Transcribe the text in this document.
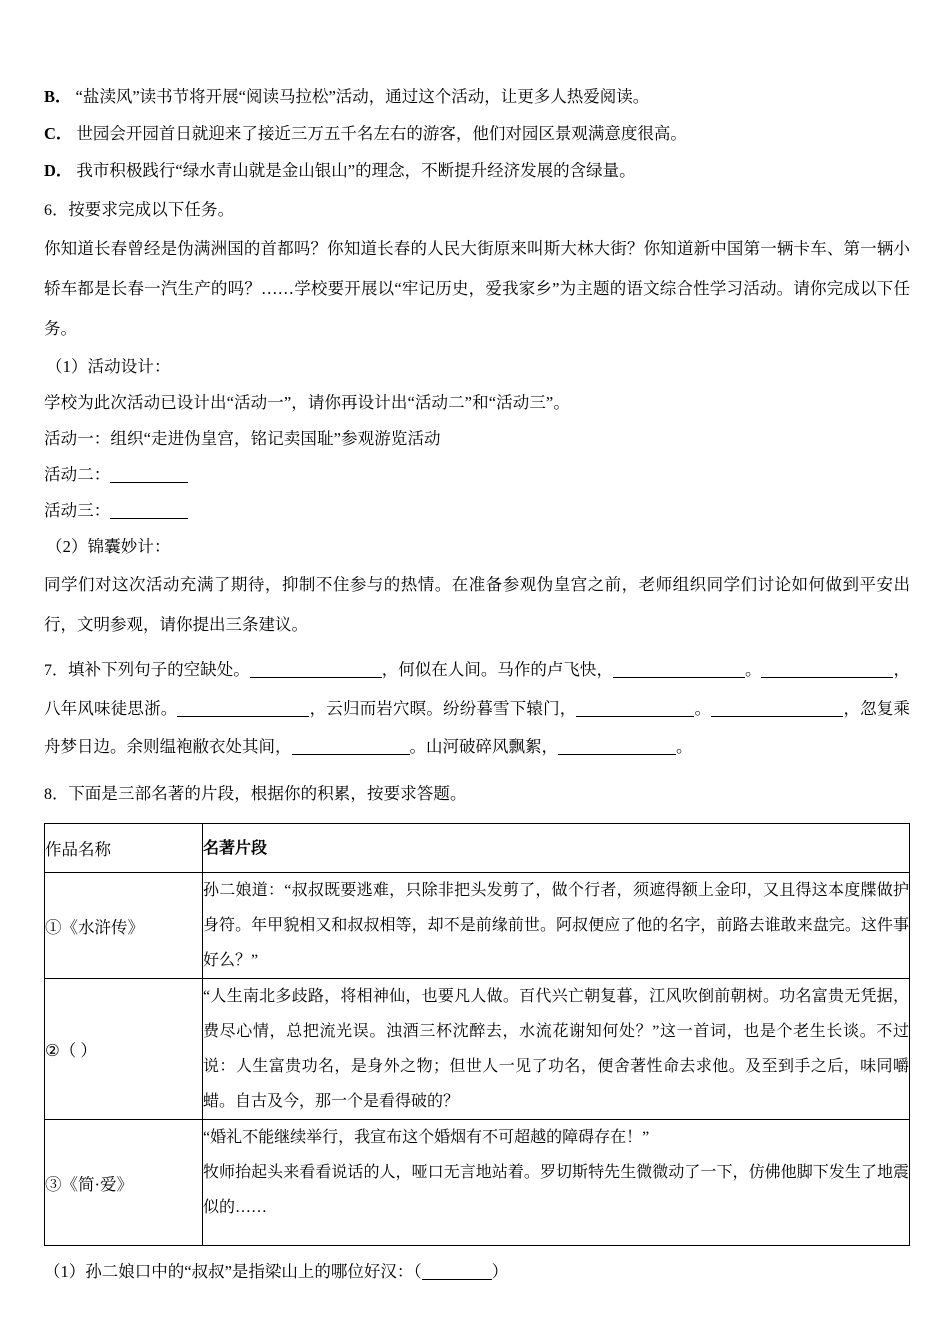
B． “盐渎风”读书节将开展“阅读马拉松”活动，通过这个活动，让更多人热爱阅读。
C． 世园会开园首日就迎来了接近三万五千名左右的游客，他们对园区景观满意度很高。
D． 我市积极践行“绿水青山就是金山银山”的理念，不断提升经济发展的含绿量。
6．按要求完成以下任务。
你知道长春曾经是伪满洲国的首都吗？你知道长春的人民大街原来叫斯大林大街？你知道新中国第一辆卡车、第一辆小轿车都是长春一汽生产的吗？……学校要开展以“牢记历史，爱我家乡”为主题的语文综合性学习活动。请你完成以下任务。
（1）活动设计：
学校为此次活动已设计出“活动一”，请你再设计出“活动二”和“活动三”。
活动一：组织“走进伪皇宫，铭记卖国耻”参观游览活动
活动二：
活动三：
（2）锦囊妙计：
同学们对这次活动充满了期待，抑制不住参与的热情。在准备参观伪皇宫之前，老师组织同学们讨论如何做到平安出行，文明参观，请你提出三条建议。
7．填补下列句子的空缺处。	，何似在人间。马作的卢飞快，	。	，八年风味徒思浙。	，云归而岩穴暝。纷纷暮雪下辕门，	。	，忽复乘舟梦日边。余则缊袍敝衣处其间，	。山河破碎风飘絮，	。
8．下面是三部名著的片段，根据你的积累，按要求答题。
作品名称	名著片段
①《水浒传》	孙二娘道：“叔叔既要逃难，只除非把头发剪了，做个行者，须遮得额上金印，又且得这本度牒做护身符。年甲貌相又和叔叔相等，却不是前缘前世。阿叔便应了他的名字，前路去谁敢来盘完。这件事好么？”
②（ ）	“人生南北多歧路，将相神仙，也要凡人做。百代兴亡朝复暮，江风吹倒前朝树。功名富贵无凭据，费尽心情，总把流光误。浊酒三杯沈醉去，水流花谢知何处？”这一首词，也是个老生长谈。不过说：人生富贵功名，是身外之物；但世人一见了功名，便舍著性命去求他。及至到手之后，味同嚼蜡。自古及今，那一个是看得破的？
③《简·爱》	“婚礼不能继续举行，我宣布这个婚烟有不可超越的障碍存在！”
牧师抬起头来看看说话的人，哑口无言地站着。罗切斯特先生微微动了一下，仿佛他脚下发生了地震似的……
（1）孙二娘口中的“叔叔”是指梁山上的哪位好汉：（	）
